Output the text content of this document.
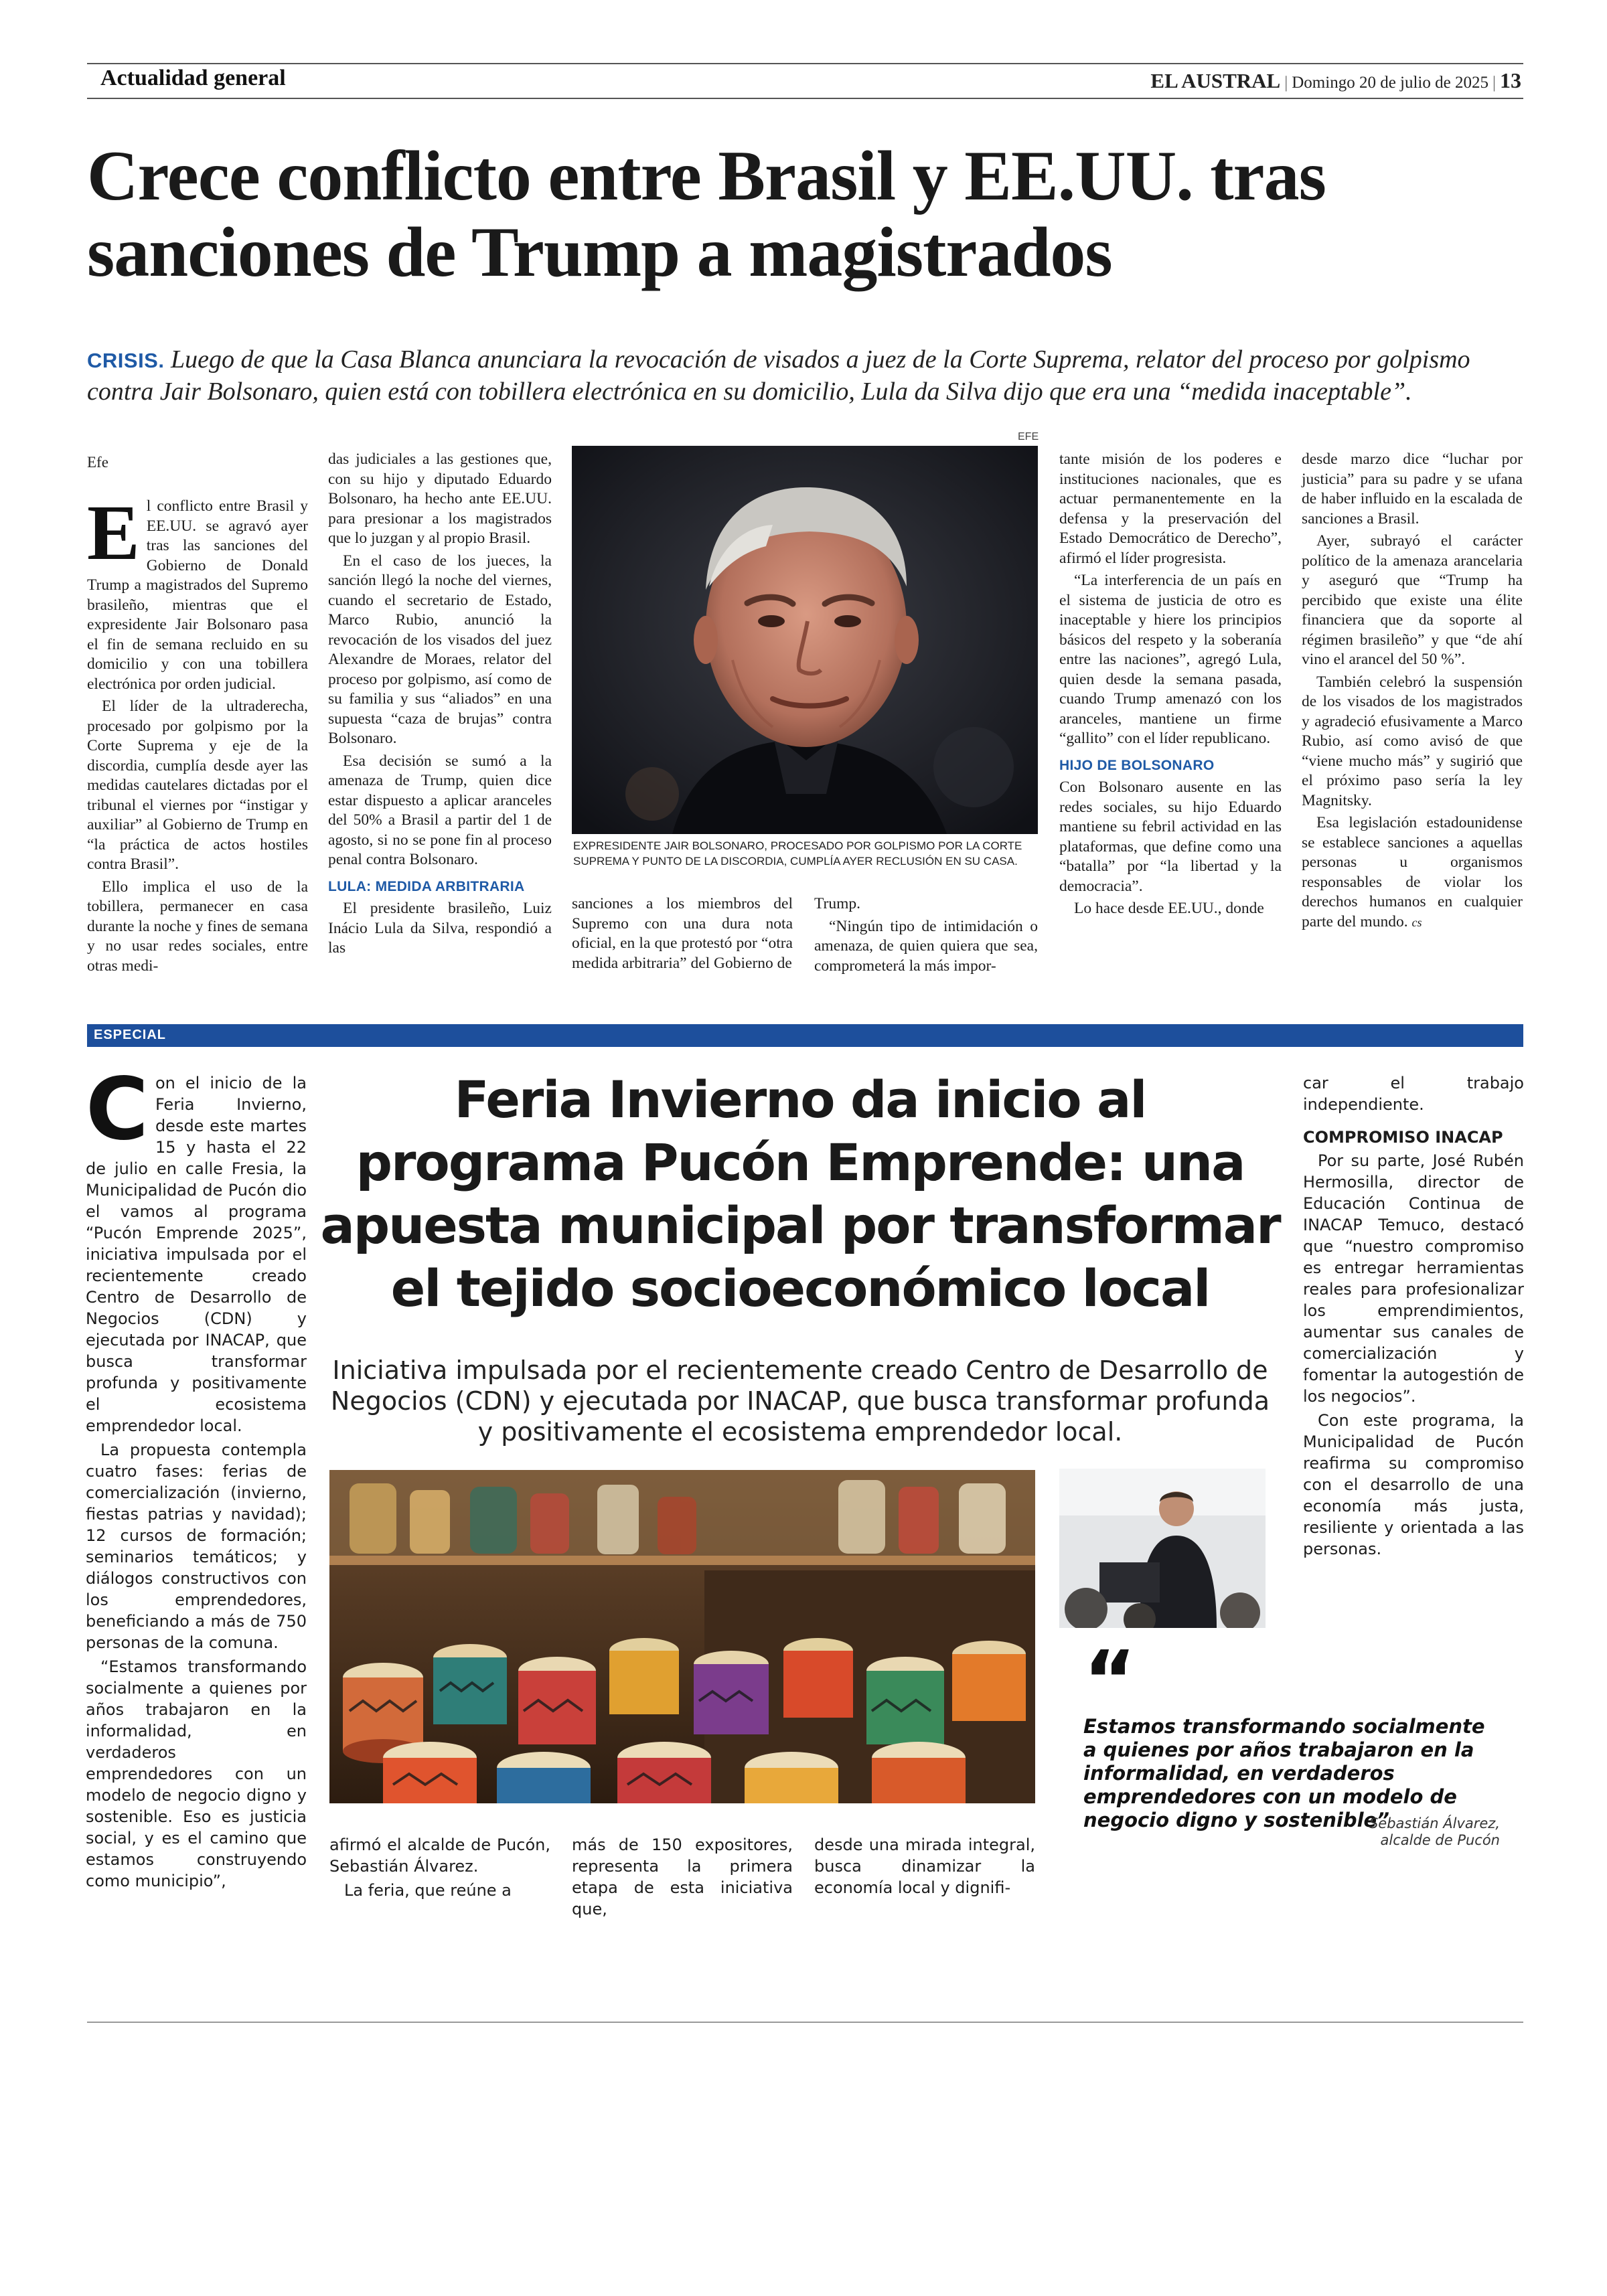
Actualidad general	EL AUSTRAL | Domingo 20 de julio de 2025 | 13
Crece conflicto entre Brasil y EE.UU. tras
sanciones de Trump a magistrados
CRISIS. Luego de que la Casa Blanca anunciara la revocación de visados a juez de la Corte Suprema, relator del proceso por golpismo contra Jair Bolsonaro, quien está con tobillera electrónica en su domicilio, Lula da Silva dijo que era una “medida inaceptable”.
Efe

El conflicto entre Brasil y EE.UU. se agravó ayer tras las sanciones del Gobierno de Donald Trump a magistrados del Supremo brasileño, mientras que el expresidente Jair Bolsonaro pasa el fin de semana recluido en su domicilio y con una tobillera electrónica por orden judicial.

El líder de la ultraderecha, procesado por golpismo por la Corte Suprema y eje de la discordia, cumplía desde ayer las medidas cautelares dictadas por el tribunal el viernes por “instigar y auxiliar” al Gobierno de Trump en “la práctica de actos hostiles contra Brasil”.

Ello implica el uso de la tobillera, permanecer en casa durante la noche y fines de semana y no usar redes sociales, entre otras medi-

das judiciales a las gestiones que, con su hijo y diputado Eduardo Bolsonaro, ha hecho ante EE.UU. para presionar a los magistrados que lo juzgan y al propio Brasil.

En el caso de los jueces, la sanción llegó la noche del viernes, cuando el secretario de Estado, Marco Rubio, anunció la revocación de los visados del juez Alexandre de Moraes, relator del proceso por golpismo, así como de su familia y sus “aliados” en una supuesta “caza de brujas” contra Bolsonaro.

Esa decisión se sumó a la amenaza de Trump, quien dice estar dispuesto a aplicar aranceles del 50% a Brasil a partir del 1 de agosto, si no se pone fin al proceso penal contra Bolsonaro.

LULA: MEDIDA ARBITRARIA

El presidente brasileño, Luiz Inácio Lula da Silva, respondió a las

EFE
EXPRESIDENTE JAIR BOLSONARO, PROCESADO POR GOLPISMO POR LA CORTE SUPREMA Y PUNTO DE LA DISCORDIA, CUMPLÍA AYER RECLUSIÓN EN SU CASA.

sanciones a los miembros del Supremo con una dura nota oficial, en la que protestó por “otra medida arbitraria” del Gobierno de

Trump.

“Ningún tipo de intimidación o amenaza, de quien quiera que sea, comprometerá la más impor-

tante misión de los poderes e instituciones nacionales, que es actuar permanentemente en la defensa y la preservación del Estado Democrático de Derecho”, afirmó el líder progresista.

“La interferencia de un país en el sistema de justicia de otro es inaceptable y hiere los principios básicos del respeto y la soberanía entre las naciones”, agregó Lula, quien desde la semana pasada, cuando Trump amenazó con los aranceles, mantiene un firme “gallito” con el líder republicano.

HIJO DE BOLSONARO

Con Bolsonaro ausente en las redes sociales, su hijo Eduardo mantiene su febril actividad en las plataformas, que define como una “batalla” por “la libertad y la democracia”.

Lo hace desde EE.UU., donde

desde marzo dice “luchar por justicia” para su padre y se ufana de haber influido en la escalada de sanciones a Brasil.

Ayer, subrayó el carácter político de la amenaza arancelaria y aseguró que “Trump ha percibido que existe una élite financiera que da soporte al régimen brasileño” y que “de ahí vino el arancel del 50 %”.

También celebró la suspensión de los visados de los magistrados y agradeció efusivamente a Marco Rubio, así como avisó de que “viene mucho más” y sugirió que el próximo paso sería la ley Magnitsky.

Esa legislación estadounidense se establece sanciones a aquellas personas u organismos responsables de violar los derechos humanos en cualquier parte del mundo. cs

ESPECIAL

Con el inicio de la Feria Invierno, desde este martes 15 y hasta el 22 de julio en calle Fresia, la Municipalidad de Pucón dio el vamos al programa “Pucón Emprende 2025”, iniciativa impulsada por el recientemente creado Centro de Desarrollo de Negocios (CDN) y ejecutada por INACAP, que busca transformar profunda y positivamente el ecosistema emprendedor local.

La propuesta contempla cuatro fases: ferias de comercialización (invierno, fiestas patrias y navidad); 12 cursos de formación; seminarios temáticos; y diálogos constructivos con los emprendedores, beneficiando a más de 750 personas de la comuna.

“Estamos transformando socialmente a quienes por años trabajaron en la informalidad, en verdaderos emprendedores con un modelo de negocio digno y sostenible. Eso es justicia social, y es el camino que estamos construyendo como municipio”,

Feria Invierno da inicio al programa Pucón Emprende: una apuesta municipal por transformar el tejido socioeconómico local
Iniciativa impulsada por el recientemente creado Centro de Desarrollo de Negocios (CDN) y ejecutada por INACAP, que busca transformar profunda y positivamente el ecosistema emprendedor local.

afirmó el alcalde de Pucón, Sebastián Álvarez.

La feria, que reúne a

más de 150 expositores, representa la primera etapa de esta iniciativa que,

desde una mirada integral, busca dinamizar la economía local y dignifi-

car el trabajo independiente.

COMPROMISO INACAP

Por su parte, José Rubén Hermosilla, director de Educación Continua de INACAP Temuco, destacó que “nuestro compromiso es entregar herramientas reales para profesionalizar los emprendimientos, aumentar sus canales de comercialización y fomentar la autogestión de los negocios”.

Con este programa, la Municipalidad de Pucón reafirma su compromiso con el desarrollo de una economía más justa, resiliente y orientada a las personas.

“
Estamos transformando socialmente a quienes por años trabajaron en la informalidad, en verdaderos emprendedores con un modelo de negocio digno y sostenible”
Sebastián Álvarez,
alcalde de Pucón
